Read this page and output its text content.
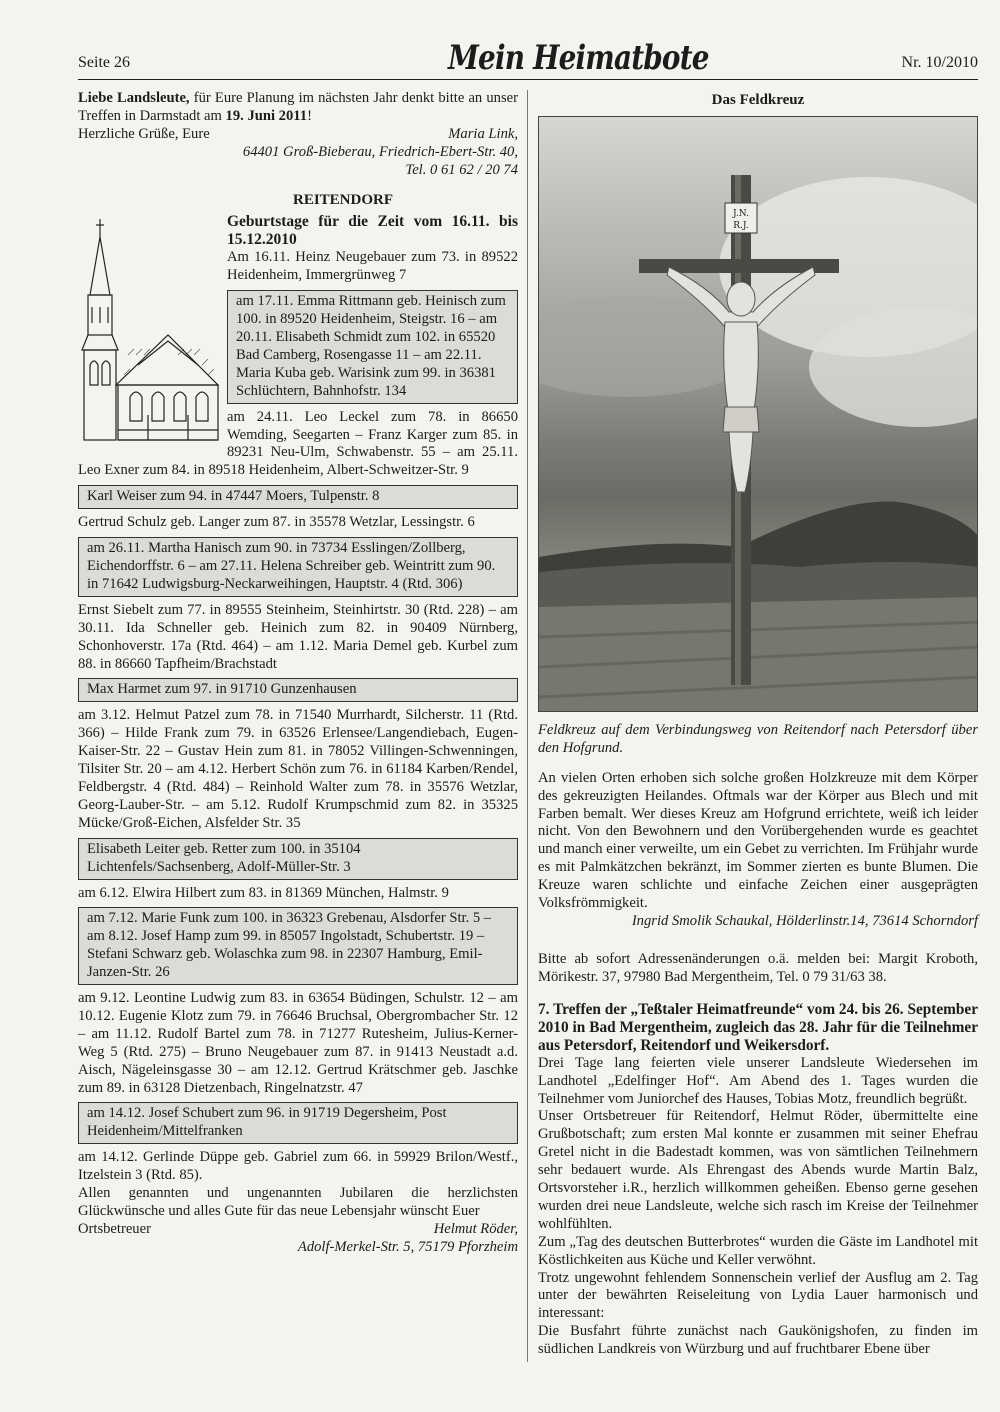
Seite 26	Mein Heimatbote	Nr. 10/2010

Liebe Landsleute, für Eure Planung im nächsten Jahr denkt bitte an unser Treffen in Darmstadt am 19. Juni 2011!

Herzliche Grüße, Eure	Maria Link,

64401 Groß-Bieberau, Friedrich-Ebert-Str. 40,

Tel. 0 61 62 / 20 74

REITENDORF

Geburtstage für die Zeit vom 16.11. bis 15.12.2010

Am 16.11. Heinz Neugebauer zum 73. in 89522 Heidenheim, Immergrünweg 7

am 17.11. Emma Rittmann geb. Heinisch zum 100. in 89520 Heidenheim, Steigstr. 16 – am 20.11. Elisabeth Schmidt zum 102. in 65520 Bad Camberg, Rosengasse 11 – am 22.11. Maria Kuba geb. Warisink zum 99. in 36381 Schlüchtern, Bahnhofstr. 134

am 24.11. Leo Leckel zum 78. in 86650 Wemding, Seegarten – Franz Karger zum 85. in 89231 Neu-Ulm, Schwabenstr. 55 – am 25.11. Leo Exner zum 84. in 89518 Heidenheim, Albert-Schweitzer-Str. 9

Karl Weiser zum 94. in 47447 Moers, Tulpenstr. 8

Gertrud Schulz geb. Langer zum 87. in 35578 Wetzlar, Lessingstr. 6

am 26.11. Martha Hanisch zum 90. in 73734 Esslingen/Zollberg, Eichendorffstr. 6 – am 27.11. Helena Schreiber geb. Weintritt zum 90. in 71642 Ludwigsburg-Neckarweihingen, Hauptstr. 4 (Rtd. 306)

Ernst Siebelt zum 77. in 89555 Steinheim, Steinhirtstr. 30 (Rtd. 228) – am 30.11. Ida Schneller geb. Heinich zum 82. in 90409 Nürnberg, Schonhoverstr. 17a (Rtd. 464) – am 1.12. Maria Demel geb. Kurbel zum 88. in 86660 Tapfheim/Brachstadt

Max Harmet zum 97. in 91710 Gunzenhausen

am 3.12. Helmut Patzel zum 78. in 71540 Murrhardt, Silcherstr. 11 (Rtd. 366) – Hilde Frank zum 79. in 63526 Erlensee/Langendiebach, Eugen-Kaiser-Str. 22 – Gustav Hein zum 81. in 78052 Villingen-Schwenningen, Tilsiter Str. 20 – am 4.12. Herbert Schön zum 76. in 61184 Karben/Rendel, Feldbergstr. 4 (Rtd. 484) – Reinhold Walter zum 78. in 35576 Wetzlar, Georg-Lauber-Str. – am 5.12. Rudolf Krumpschmid zum 82. in 35325 Mücke/Groß-Eichen, Alsfelder Str. 35

Elisabeth Leiter geb. Retter zum 100. in 35104 Lichtenfels/Sachsenberg, Adolf-Müller-Str. 3

am 6.12. Elwira Hilbert zum 83. in 81369 München, Halmstr. 9

am 7.12. Marie Funk zum 100. in 36323 Grebenau, Alsdorfer Str. 5 – am 8.12. Josef Hamp zum 99. in 85057 Ingolstadt, Schubertstr. 19 – Stefani Schwarz geb. Wolaschka zum 98. in 22307 Hamburg, Emil-Janzen-Str. 26

am 9.12. Leontine Ludwig zum 83. in 63654 Büdingen, Schulstr. 12 – am 10.12. Eugenie Klotz zum 79. in 76646 Bruchsal, Obergrombacher Str. 12 – am 11.12. Rudolf Bartel zum 78. in 71277 Rutesheim, Julius-Kerner-Weg 5 (Rtd. 275) – Bruno Neugebauer zum 87. in 91413 Neustadt a.d. Aisch, Nägeleinsgasse 30 – am 12.12. Gertrud Krätschmer geb. Jaschke zum 89. in 63128 Dietzenbach, Ringelnatzstr. 47

am 14.12. Josef Schubert zum 96. in 91719 Degersheim, Post Heidenheim/Mittelfranken

am 14.12. Gerlinde Düppe geb. Gabriel zum 66. in 59929 Brilon/Westf., Itzelstein 3 (Rtd. 85).

Allen genannten und ungenannten Jubilaren die herzlichsten Glückwünsche und alles Gute für das neue Lebensjahr wünscht Euer

Ortsbetreuer	Helmut Röder,

Adolf-Merkel-Str. 5, 75179 Pforzheim

Das Feldkreuz
J.N.
R.J.

Feldkreuz auf dem Verbindungsweg von Reitendorf nach Petersdorf über den Hofgrund.

An vielen Orten erhoben sich solche großen Holzkreuze mit dem Körper des gekreuzigten Heilandes. Oftmals war der Körper aus Blech und mit Farben bemalt. Wer dieses Kreuz am Hofgrund errichtete, weiß ich leider nicht. Von den Bewohnern und den Vorübergehenden wurde es geachtet und manch einer verweilte, um ein Gebet zu verrichten. Im Frühjahr wurde es mit Palmkätzchen bekränzt, im Sommer zierten es bunte Blumen. Die Kreuze waren schlichte und einfache Zeichen einer ausgeprägten Volksfrömmigkeit.

Ingrid Smolik Schaukal, Hölderlinstr.14, 73614 Schorndorf

Bitte ab sofort Adressenänderungen o.ä. melden bei: Margit Kroboth, Mörikestr. 37, 97980 Bad Mergentheim, Tel. 0 79 31/63 38.

7. Treffen der „Teßtaler Heimatfreunde“ vom 24. bis 26. September 2010 in Bad Mergentheim, zugleich das 28. Jahr für die Teilnehmer aus Petersdorf, Reitendorf und Weikersdorf.

Drei Tage lang feierten viele unserer Landsleute Wiedersehen im Landhotel „Edelfinger Hof“. Am Abend des 1. Tages wurden die Teilnehmer vom Juniorchef des Hauses, Tobias Motz, freundlich begrüßt.

Unser Ortsbetreuer für Reitendorf, Helmut Röder, übermittelte eine Grußbotschaft; zum ersten Mal konnte er zusammen mit seiner Ehefrau Gretel nicht in die Badestadt kommen, was von sämtlichen Teilnehmern sehr bedauert wurde. Als Ehrengast des Abends wurde Martin Balz, Ortsvorsteher i.R., herzlich willkommen geheißen. Ebenso gerne gesehen wurden drei neue Landsleute, welche sich rasch im Kreise der Teilnehmer wohlfühlten.

Zum „Tag des deutschen Butterbrotes“ wurden die Gäste im Landhotel mit Köstlichkeiten aus Küche und Keller verwöhnt.

Trotz ungewohnt fehlendem Sonnenschein verlief der Ausflug am 2. Tag unter der bewährten Reiseleitung von Lydia Lauer harmonisch und interessant:

Die Busfahrt führte zunächst nach Gaukönigshofen, zu finden im südlichen Landkreis von Würzburg und auf fruchtbarer Ebene über
